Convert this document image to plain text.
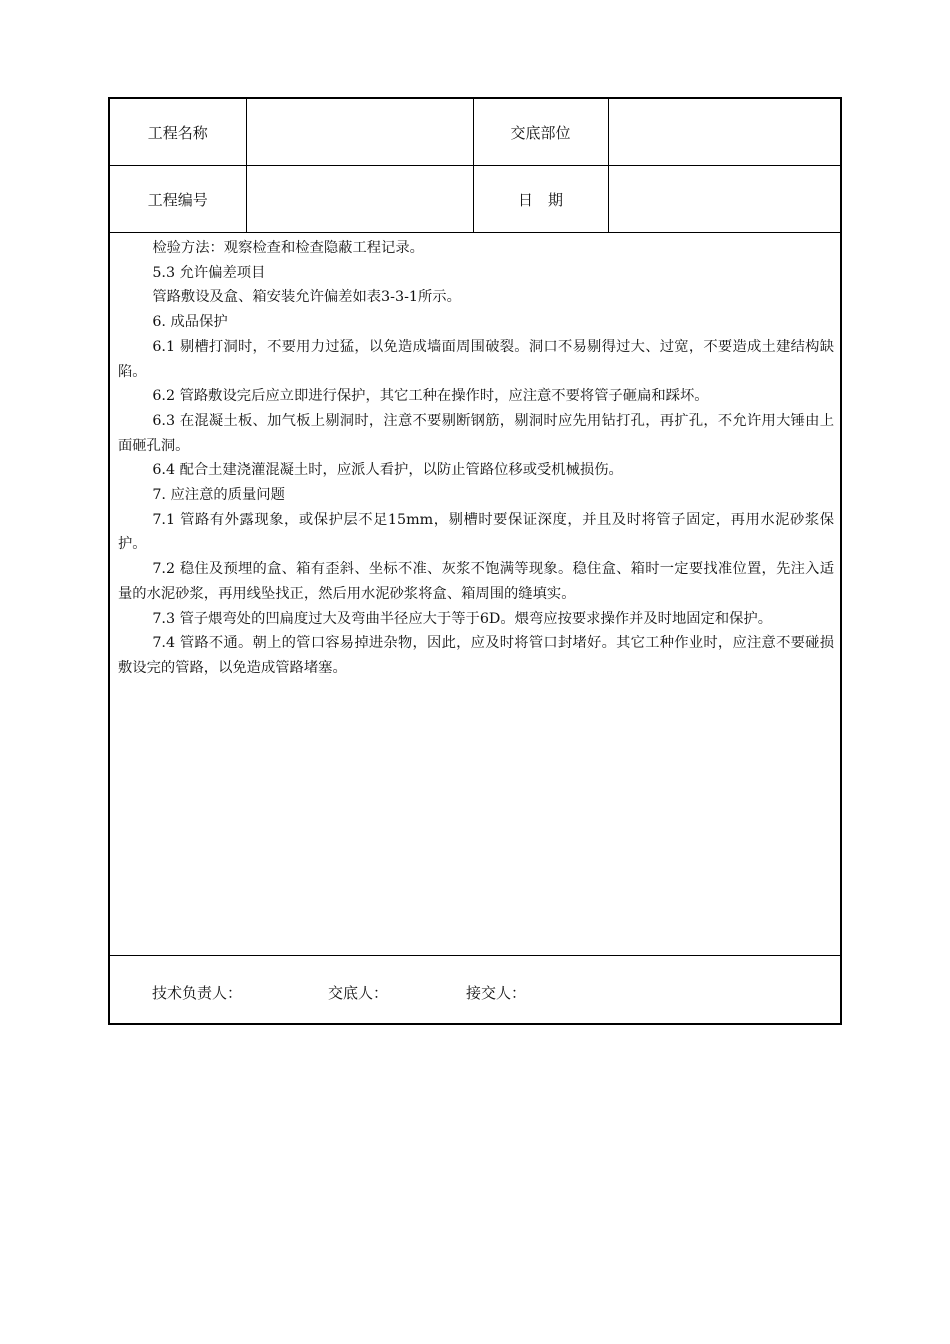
工程名称		交底部位	
工程编号		日　期	

检验方法：观察检查和检查隐蔽工程记录。

5.3 允许偏差项目

管路敷设及盒、箱安装允许偏差如表3-3-1所示。

6. 成品保护

6.1 剔槽打洞时，不要用力过猛，以免造成墙面周围破裂。洞口不易剔得过大、过宽，不要造成土建结构缺陷。

6.2 管路敷设完后应立即进行保护，其它工种在操作时，应注意不要将管子砸扁和踩坏。

6.3 在混凝土板、加气板上剔洞时，注意不要剔断钢筋，剔洞时应先用钻打孔，再扩孔，不允许用大锤由上面砸孔洞。

6.4 配合土建浇灌混凝土时，应派人看护，以防止管路位移或受机械损伤。

7. 应注意的质量问题

7.1 管路有外露现象，或保护层不足15mm，剔槽时要保证深度，并且及时将管子固定，再用水泥砂浆保护。

7.2 稳住及预埋的盒、箱有歪斜、坐标不准、灰浆不饱满等现象。稳住盒、箱时一定要找准位置，先注入适量的水泥砂浆，再用线坠找正，然后用水泥砂浆将盒、箱周围的缝填实。

7.3 管子煨弯处的凹扁度过大及弯曲半径应大于等于6D。煨弯应按要求操作并及时地固定和保护。

7.4 管路不通。朝上的管口容易掉进杂物，因此，应及时将管口封堵好。其它工种作业时，应注意不要碰损敷设完的管路，以免造成管路堵塞。

技术负责人：	交底人：	接交人：
